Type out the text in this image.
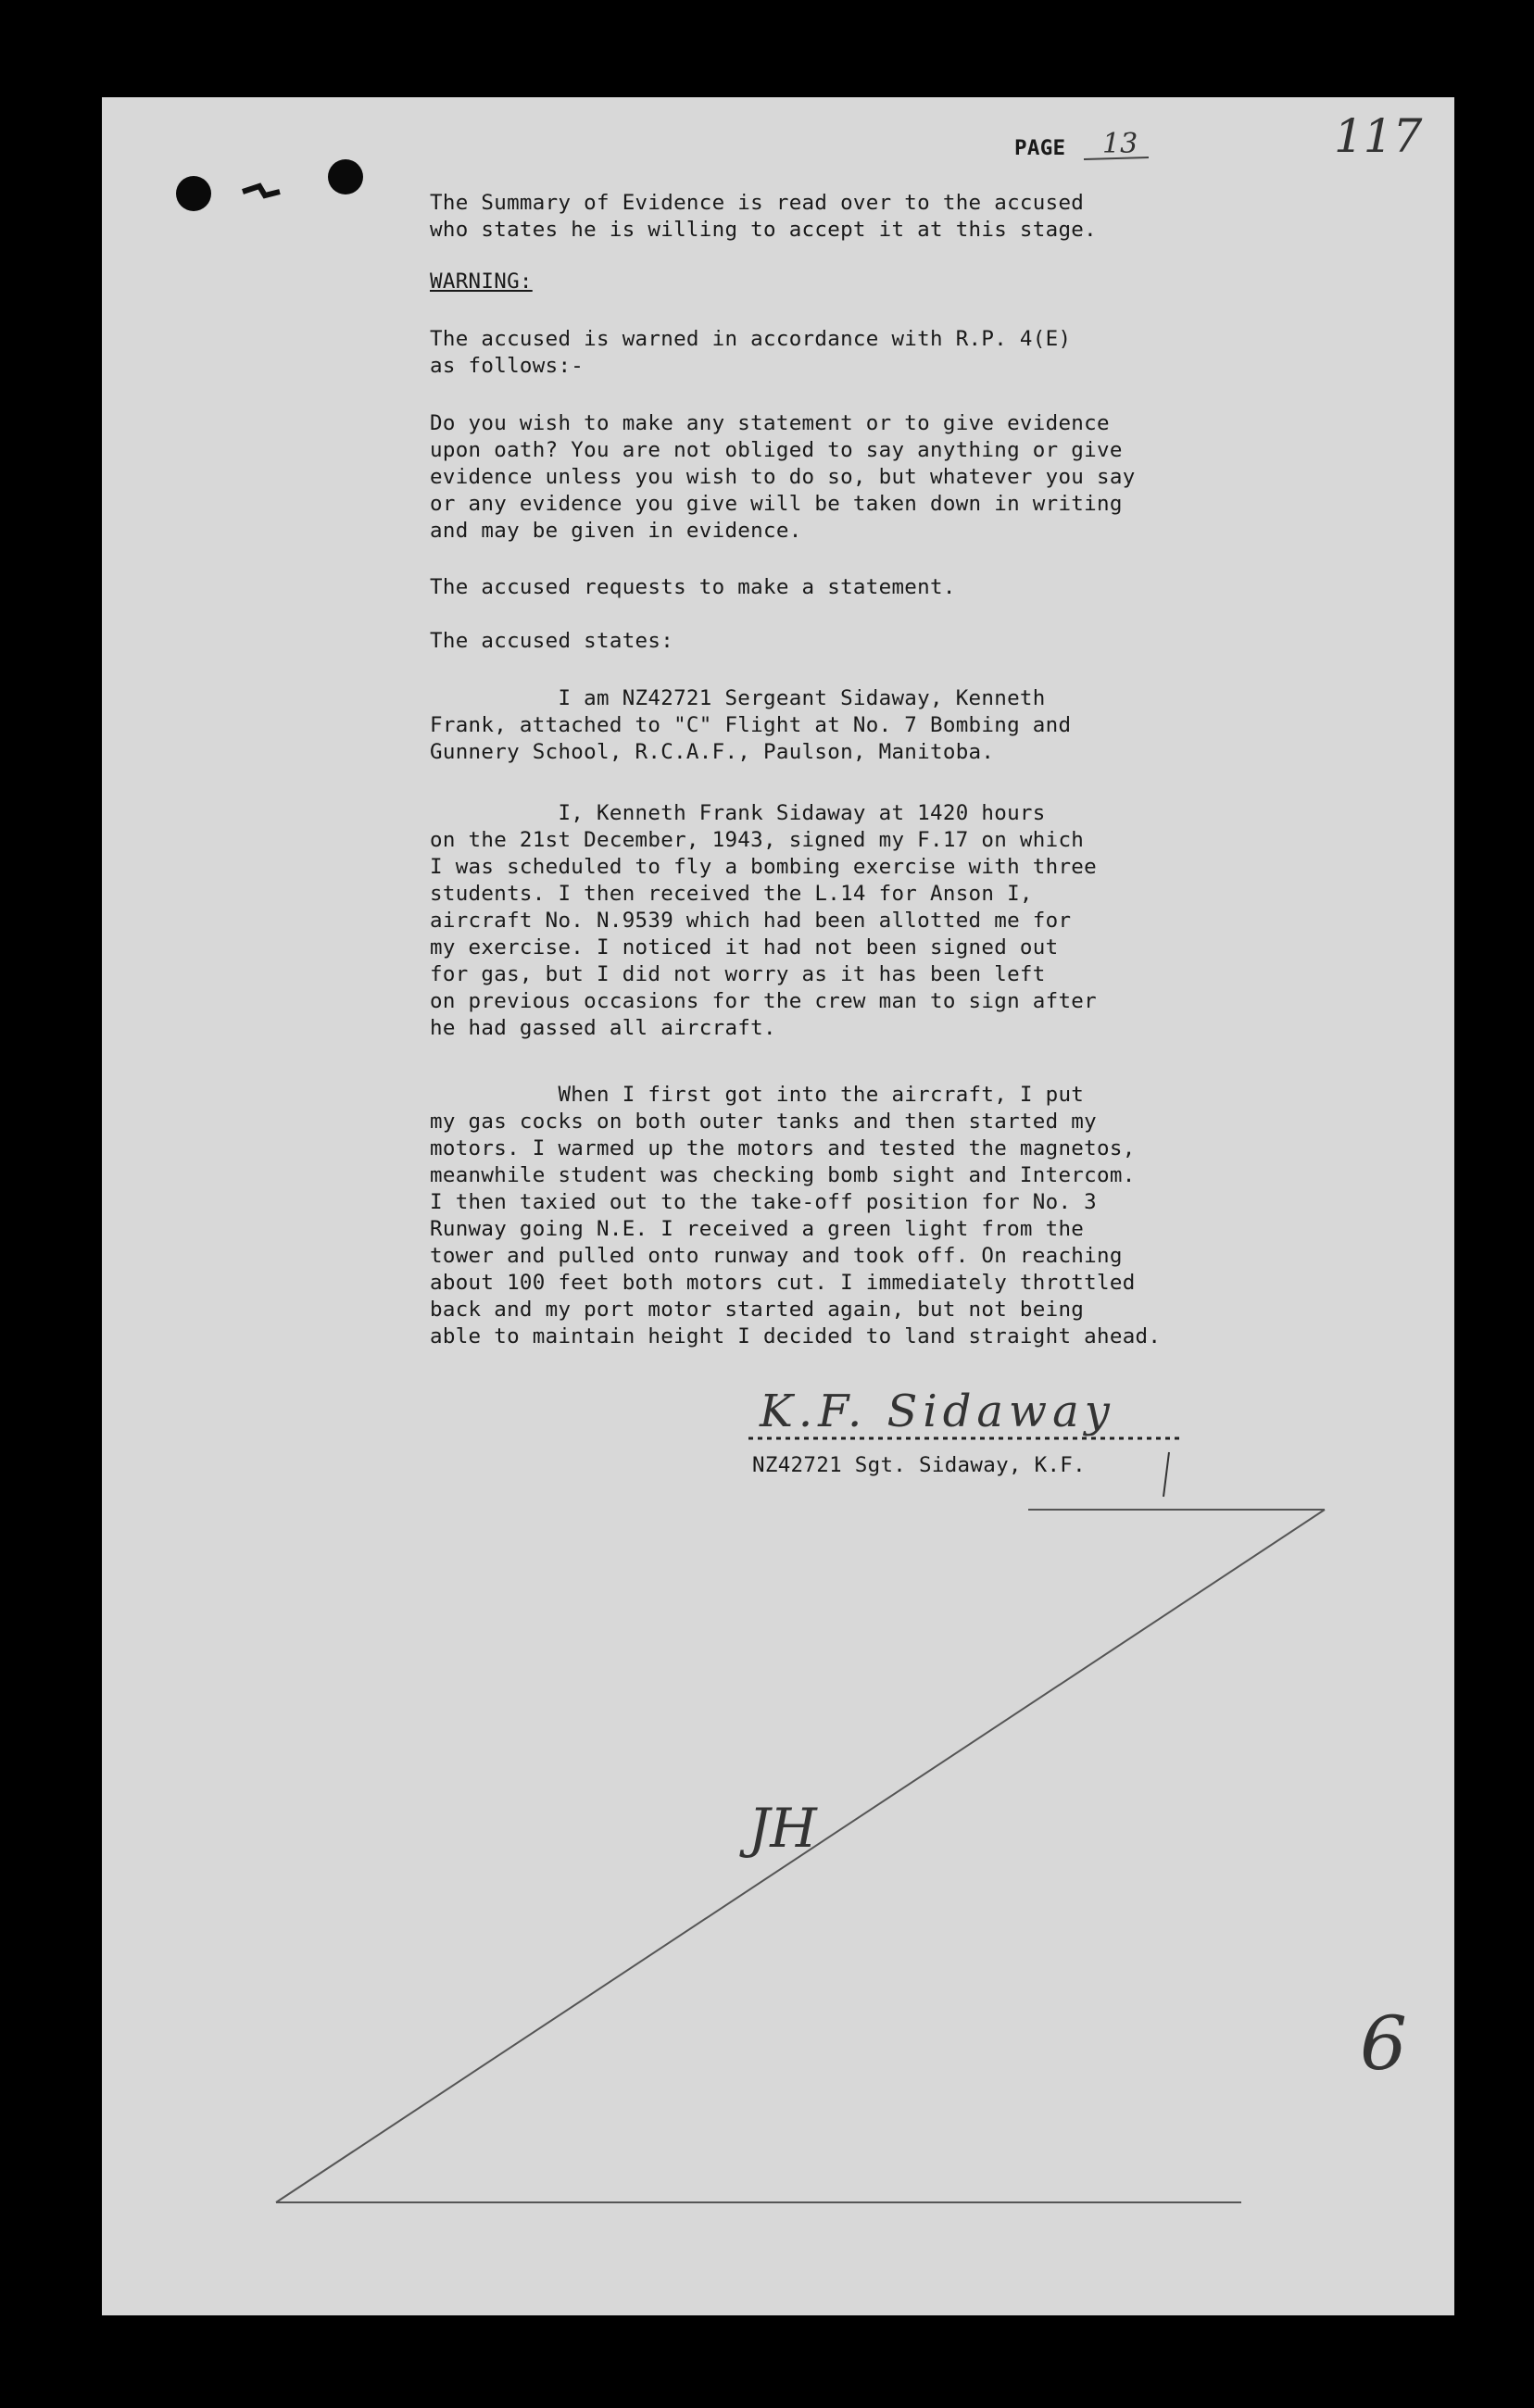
PAGE 13	117
The Summary of Evidence is read over to the accused
who states he is willing to accept it at this stage.
WARNING:
The accused is warned in accordance with R.P. 4(E)
as follows:-
Do you wish to make any statement or to give evidence
upon oath? You are not obliged to say anything or give
evidence unless you wish to do so, but whatever you say
or any evidence you give will be taken down in writing
and may be given in evidence.
The accused requests to make a statement.
The accused states:
I am NZ42721 Sergeant Sidaway, Kenneth
Frank, attached to "C" Flight at No. 7 Bombing and
Gunnery School, R.C.A.F., Paulson, Manitoba.
I, Kenneth Frank Sidaway at 1420 hours
on the 21st December, 1943, signed my F.17 on which
I was scheduled to fly a bombing exercise with three
students. I then received the L.14 for Anson I,
aircraft No. N.9539 which had been allotted me for
my exercise. I noticed it had not been signed out
for gas, but I did not worry as it has been left
on previous occasions for the crew man to sign after
he had gassed all aircraft.
When I first got into the aircraft, I put
my gas cocks on both outer tanks and then started my
motors. I warmed up the motors and tested the magnetos,
meanwhile student was checking bomb sight and Intercom.
I then taxied out to the take-off position for No. 3
Runway going N.E. I received a green light from the
tower and pulled onto runway and took off. On reaching
about 100 feet both motors cut. I immediately throttled
back and my port motor started again, but not being
able to maintain height I decided to land straight ahead.
K.F. Sidaway
NZ42721 Sgt. Sidaway, K.F.
JH
6
